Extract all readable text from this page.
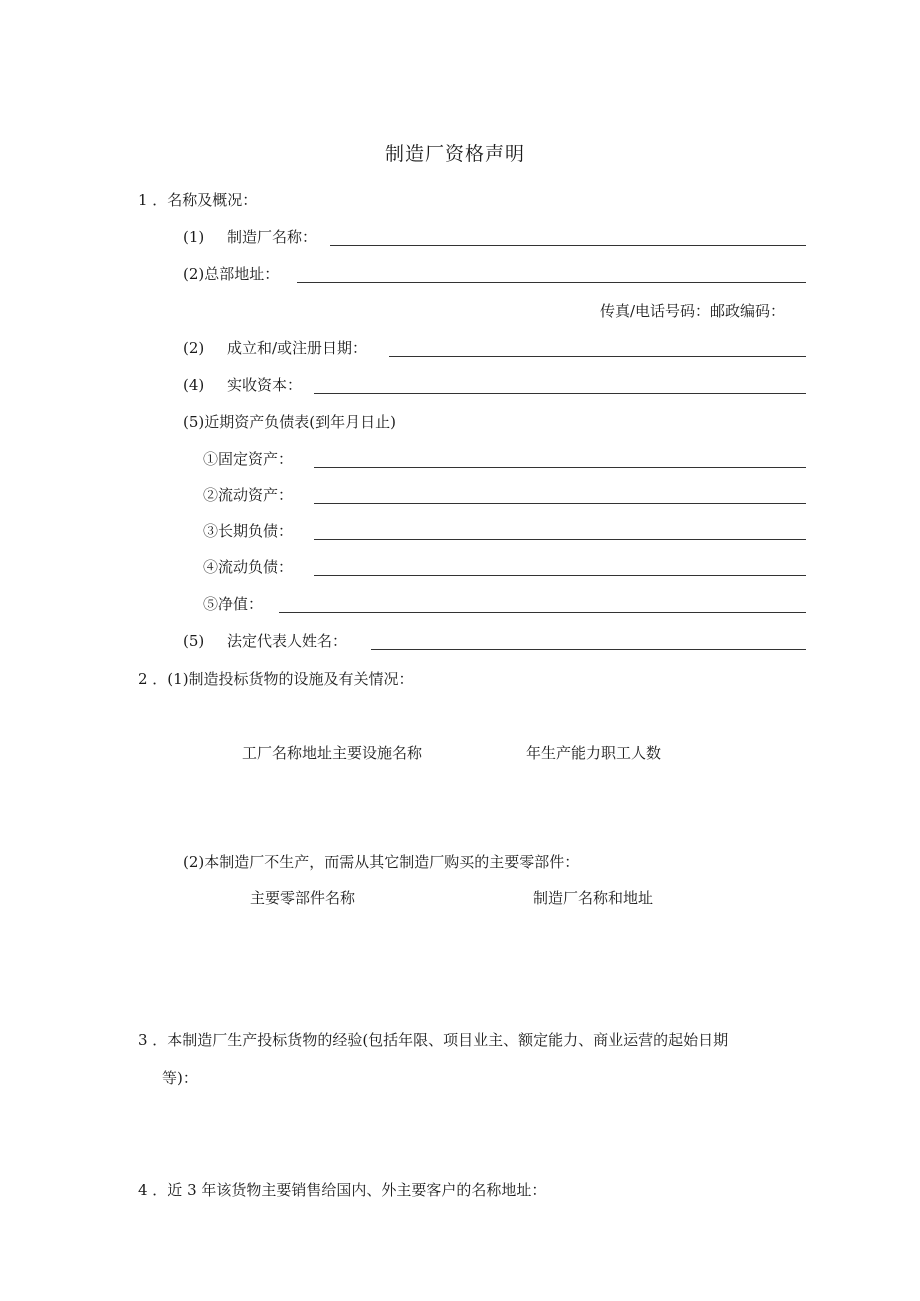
制造厂资格声明
1 ．名称及概况：
(1) 制造厂名称：
(2)总部地址：
传真/电话号码：邮政编码：
(2) 成立和/或注册日期：
(4) 实收资本：
(5)近期资产负债表(到年月日止)
①固定资产：
②流动资产：
③长期负债：
④流动负债：
⑤净值：
(5) 法定代表人姓名：
2 ．(1)制造投标货物的设施及有关情况：
工厂名称地址主要设施名称	年生产能力职工人数
(2)本制造厂不生产，而需从其它制造厂购买的主要零部件：
主要零部件名称	制造厂名称和地址
3 ．本制造厂生产投标货物的经验(包括年限、项目业主、额定能力、商业运营的起始日期
等)：
4 ．近 3 年该货物主要销售给国内、外主要客户的名称地址：
